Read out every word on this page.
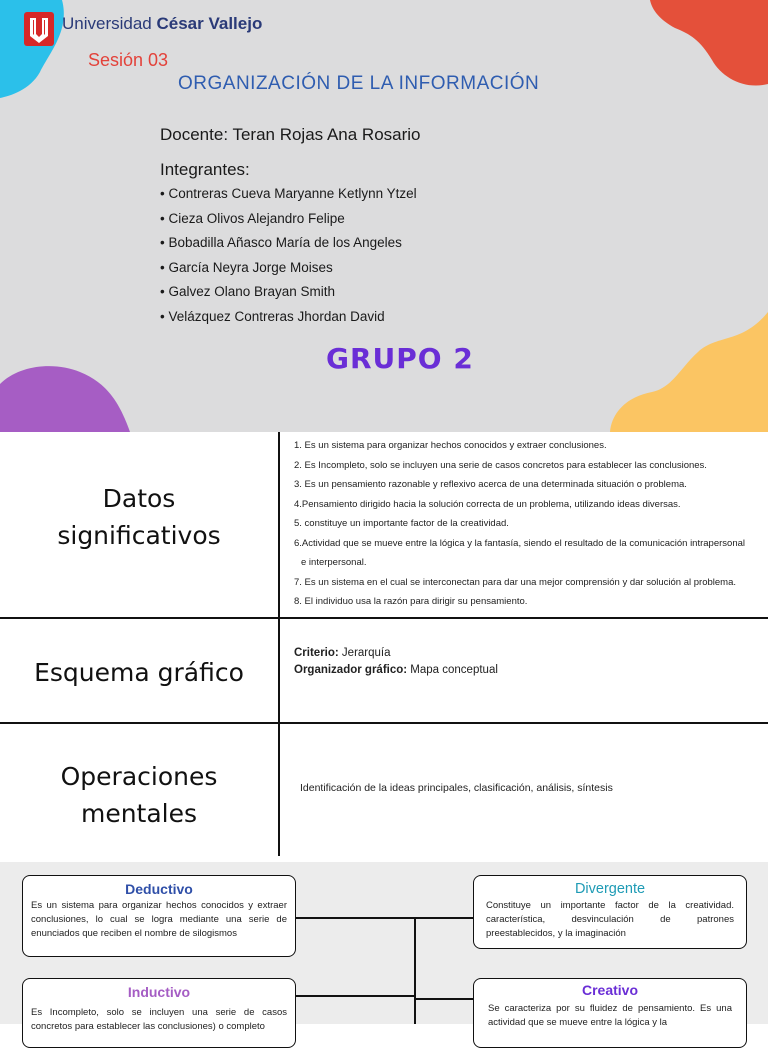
Universidad César Vallejo
Sesión 03
ORGANIZACIÓN DE LA INFORMACIÓN
Docente: Teran Rojas Ana Rosario
Integrantes:
• Contreras Cueva Maryanne Ketlynn Ytzel
• Cieza Olivos Alejandro Felipe
• Bobadilla Añasco María de los Angeles
• García Neyra Jorge Moises
• Galvez Olano Brayan Smith
• Velázquez Contreras Jhordan David
GRUPO 2
Datos
significativos
1. Es un sistema para organizar hechos conocidos y extraer conclusiones.
2. Es Incompleto, solo se incluyen una serie de casos concretos para establecer las conclusiones.
3. Es un pensamiento razonable y reflexivo acerca de una determinada situación o problema.
4.Pensamiento dirigido hacia la solución correcta de un problema, utilizando ideas diversas.
5. constituye un importante factor de la creatividad.
6.Actividad que se mueve entre la lógica y la fantasía, siendo el resultado de la comunicación intrapersonal
e interpersonal.
7. Es un sistema en el cual se interconectan para dar una mejor comprensión y dar solución al problema.
8. El individuo usa la razón para dirigir su pensamiento.
Esquema gráfico
Criterio: Jerarquía
Organizador gráfico: Mapa conceptual
Operaciones
mentales
Identificación de la ideas principales, clasificación, análisis, síntesis
Deductivo

Es un sistema para organizar hechos conocidos y extraer conclusiones, lo cual se logra mediante una serie de enunciados que reciben el nombre de silogismos

Inductivo

Es Incompleto, solo se incluyen una serie de casos concretos para establecer las conclusiones) o completo

Divergente

Constituye un importante factor de la creatividad. característica, desvinculación de patrones preestablecidos, y la imaginación

Creativo

Se caracteriza por su fluidez de pensamiento. Es una actividad que se mueve entre la lógica y la
